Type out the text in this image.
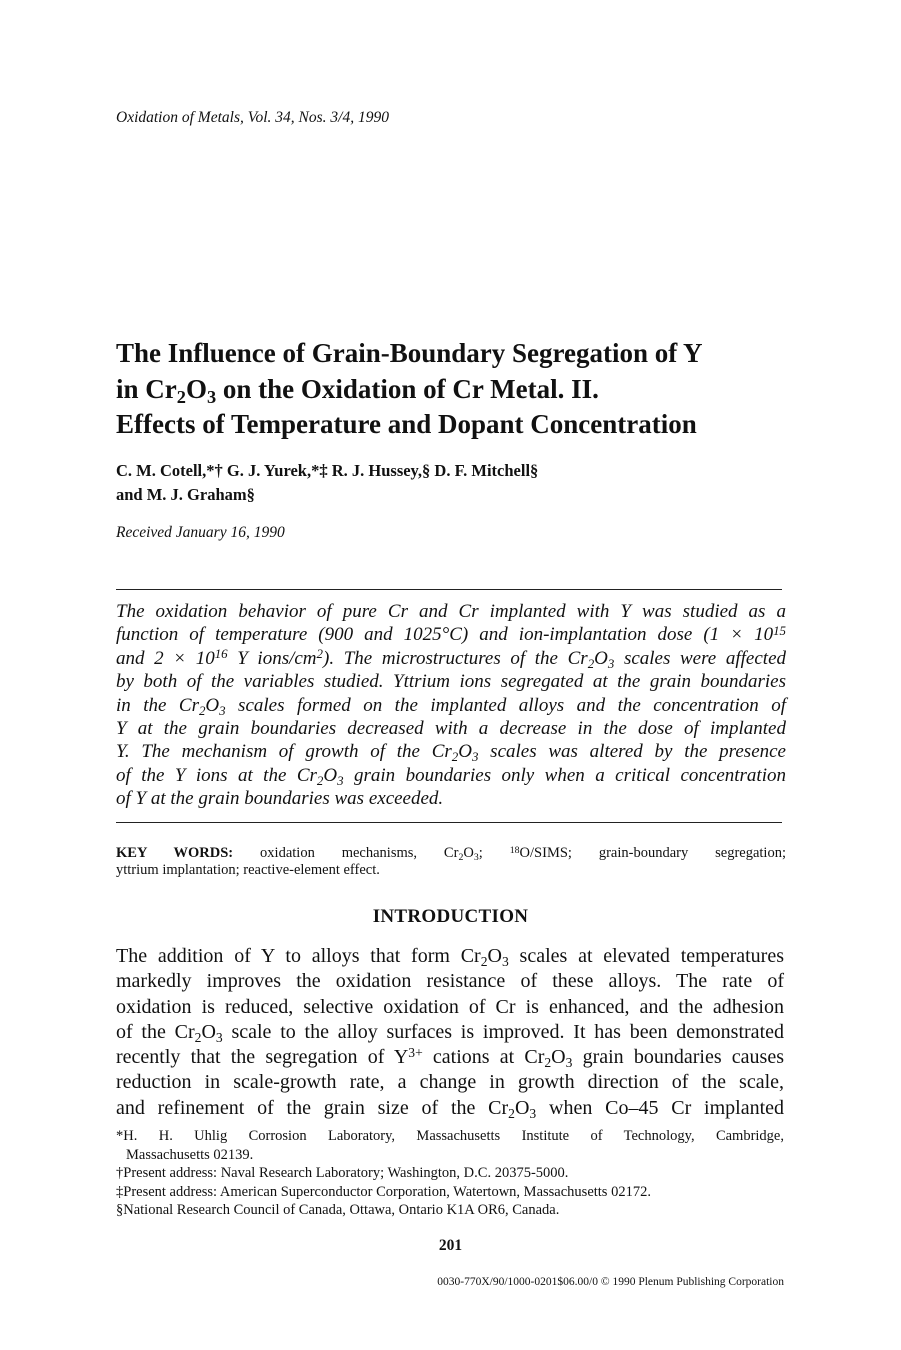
Oxidation of Metals, Vol. 34, Nos. 3/4, 1990
The Influence of Grain-Boundary Segregation of Y
in $Cr_2O_3$ on the Oxidation of Cr Metal. II.
Effects of Temperature and Dopant Concentration
C. M. Cotell,*† G. J. Yurek,*‡ R. J. Hussey,§ D. F. Mitchell§
and M. J. Graham§
Received January 16, 1990
The oxidation behavior of pure Cr and Cr implanted with Y was studied as a
function of temperature (900 and 1025°C) and ion-implantation dose ($1 \times 10^{15}$
and $2 \times 10^{16}$ Y ions/$cm^2$). The microstructures of the $Cr_2O_3$ scales were affected
by both of the variables studied. Yttrium ions segregated at the grain boundaries
in the $Cr_2O_3$ scales formed on the implanted alloys and the concentration of
Y at the grain boundaries decreased with a decrease in the dose of implanted
Y. The mechanism of growth of the $Cr_2O_3$ scales was altered by the presence
of the Y ions at the $Cr_2O_3$ grain boundaries only when a critical concentration
of Y at the grain boundaries was exceeded.
KEY WORDS: oxidation mechanisms, $Cr_2O_3$; $^{18}$O/SIMS; grain-boundary segregation;
yttrium implantation; reactive-element effect.
INTRODUCTION
The addition of Y to alloys that form $Cr_2O_3$ scales at elevated temperatures
markedly improves the oxidation resistance of these alloys. The rate of
oxidation is reduced, selective oxidation of Cr is enhanced, and the adhesion
of the $Cr_2O_3$ scale to the alloy surfaces is improved. It has been demonstrated
recently that the segregation of $Y^{3+}$ cations at $Cr_2O_3$ grain boundaries causes
reduction in scale-growth rate, a change in growth direction of the scale,
and refinement of the grain size of the $Cr_2O_3$ when Co–45 Cr implanted
*H. H. Uhlig Corrosion Laboratory, Massachusetts Institute of Technology, Cambridge,
Massachusetts 02139.
†Present address: Naval Research Laboratory; Washington, D.C. 20375-5000.
‡Present address: American Superconductor Corporation, Watertown, Massachusetts 02172.
§National Research Council of Canada, Ottawa, Ontario K1A OR6, Canada.
201
0030-770X/90/1000-0201$06.00/0 © 1990 Plenum Publishing Corporation
